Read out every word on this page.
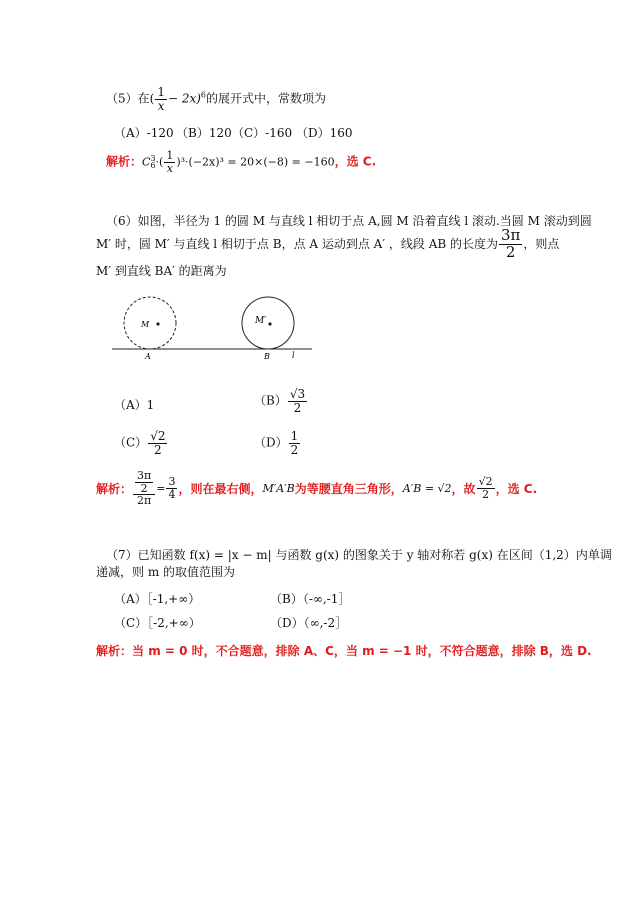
（5）在( $\frac{1}{x} - 2x)^6$的展开式中，常数项为
（A）-120 （B）120 （C）-160 （D）160
解析：C 3
6 ·( $\frac{1}{x} )^3\cdot(-2x)^3 = 20\times(-8) = -160$，选 C.
（6）如图，半径为 1 的圆 M 与直线 l 相切于点 A,圆 M 沿着直线 l 滚动.当圆 M 滚动到圆
M′ 时，圆 M′ 与直线 l 相切于点 B，点 A 运动到点 A′ ，线段 AB 的长度为 $\frac{3\pi}{2}$ ，则点
M′ 到直线 BA′ 的距离为
M	M′
A	B	l
（A）1	$(B) \frac{√3}{2}$
$(C) \frac{√2}{2}$	$(D) \frac{1}{2}$
解析： $\frac{\frac{3\pi}{2}}{2\pi} = \frac{3}{4}$ ，则在最右侧，M′A′B为等腰直角三角形，A′B = √2，故 $\frac{√2}{2}$ ，选 C.
（7）已知函数 f(x) = |x − m| 与函数 g(x) 的图象关于 y 轴对称若 g(x) 在区间（1,2）内单调
递减，则 m 的取值范围为
（A）［-1,+∞）	（B）（-∞,-1］
（C）［-2,+∞）	（D）（∞,-2］
解析：当 m = 0 时，不合题意，排除 A、C，当 m = −1 时，不符合题意，排除 B，选 D.
